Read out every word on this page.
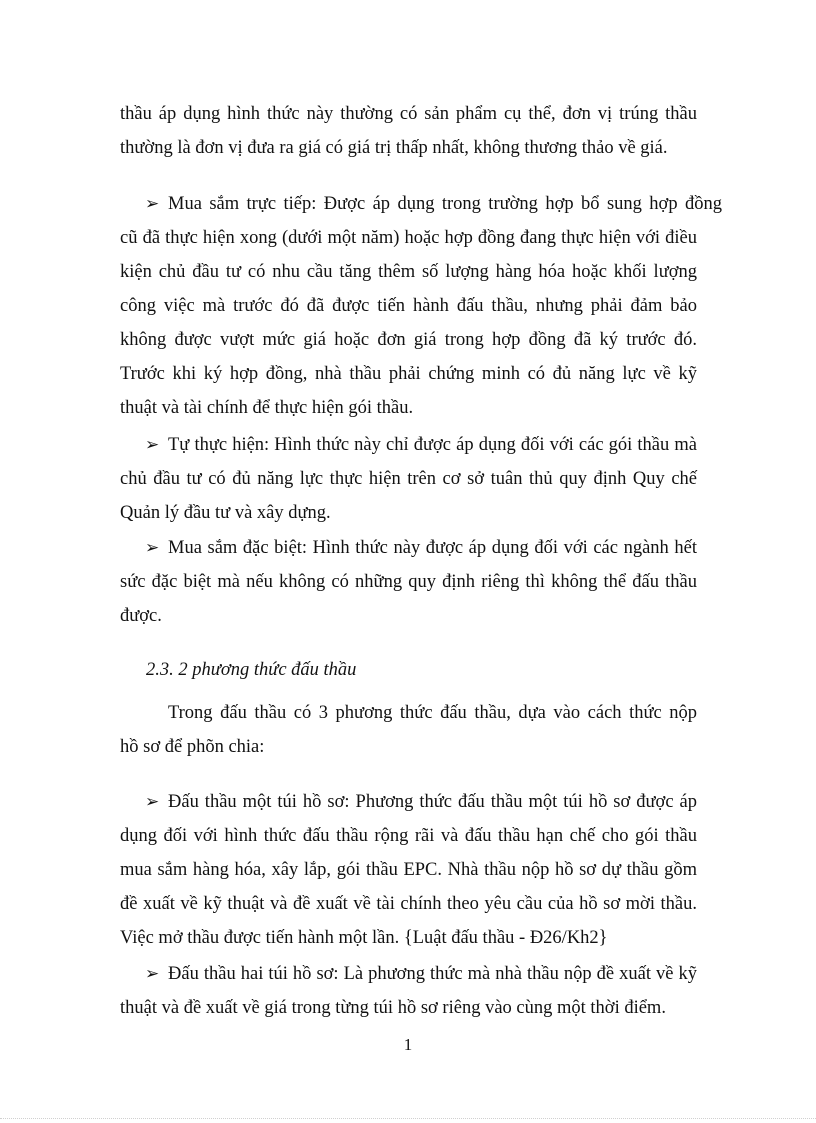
thầu áp dụng hình thức này thường có sản phẩm cụ thể, đơn vị trúng thầu
thường là đơn vị đưa ra giá có giá trị thấp nhất, không thương thảo về giá.
➢ Mua sắm trực tiếp: Được áp dụng trong trường hợp bổ sung hợp đồng
cũ đã thực hiện xong (dưới một năm) hoặc hợp đồng đang thực hiện với điều
kiện chủ đầu tư có nhu cầu tăng thêm số lượng hàng hóa hoặc khối lượng
công việc mà trước đó đã được tiến hành đấu thầu, nhưng phải đảm bảo
không được vượt mức giá hoặc đơn giá trong hợp đồng đã ký trước đó.
Trước khi ký hợp đồng, nhà thầu phải chứng minh có đủ năng lực về kỹ
thuật và tài chính để thực hiện gói thầu.
➢ Tự thực hiện: Hình thức này chỉ được áp dụng đối với các gói thầu mà
chủ đầu tư có đủ năng lực thực hiện trên cơ sở tuân thủ quy định Quy chế
Quản lý đầu tư và xây dựng.
➢ Mua sắm đặc biệt: Hình thức này được áp dụng đối với các ngành hết
sức đặc biệt mà nếu không có những quy định riêng thì không thể đấu thầu
được.
2.3. 2 phương thức đấu thầu
Trong đấu thầu có 3 phương thức đấu thầu, dựa vào cách thức nộp
hồ sơ để phõn chia:
➢ Đấu thầu một túi hồ sơ: Phương thức đấu thầu một túi hồ sơ được áp
dụng đối với hình thức đấu thầu rộng rãi và đấu thầu hạn chế cho gói thầu
mua sắm hàng hóa, xây lắp, gói thầu EPC. Nhà thầu nộp hồ sơ dự thầu gồm
đề xuất về kỹ thuật và đề xuất về tài chính theo yêu cầu của hồ sơ mời thầu.
Việc mở thầu được tiến hành một lần. {Luật đấu thầu - Đ26/Kh2}
➢ Đấu thầu hai túi hồ sơ: Là phương thức mà nhà thầu nộp đề xuất về kỹ
thuật và đề xuất về giá trong từng túi hồ sơ riêng vào cùng một thời điểm.
1
